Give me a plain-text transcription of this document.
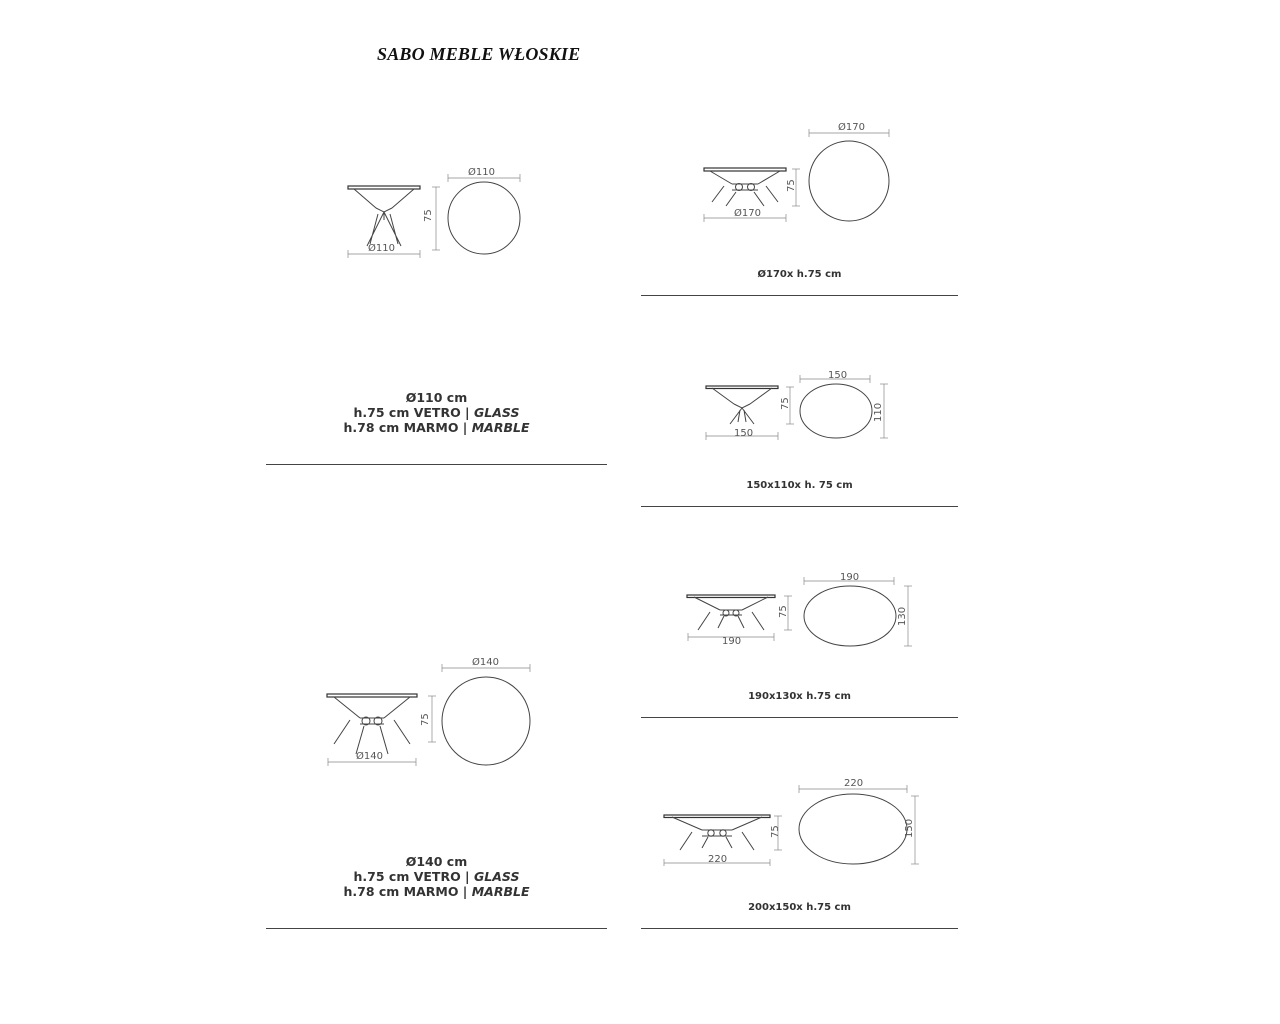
SABO MEBLE WŁOSKIE
Ø110
75
Ø110
Ø110 cm
h.75 cm VETRO | GLASS
h.78 cm MARMO | MARBLE
Ø140
75
Ø140
Ø140 cm
h.75 cm VETRO | GLASS
h.78 cm MARMO | MARBLE
Ø170
75
Ø170
Ø170x h.75 cm
150
75
150
110
150x110x h. 75 cm
190
75
190
130
190x130x h.75 cm
220
75
220
150
200x150x h.75 cm
